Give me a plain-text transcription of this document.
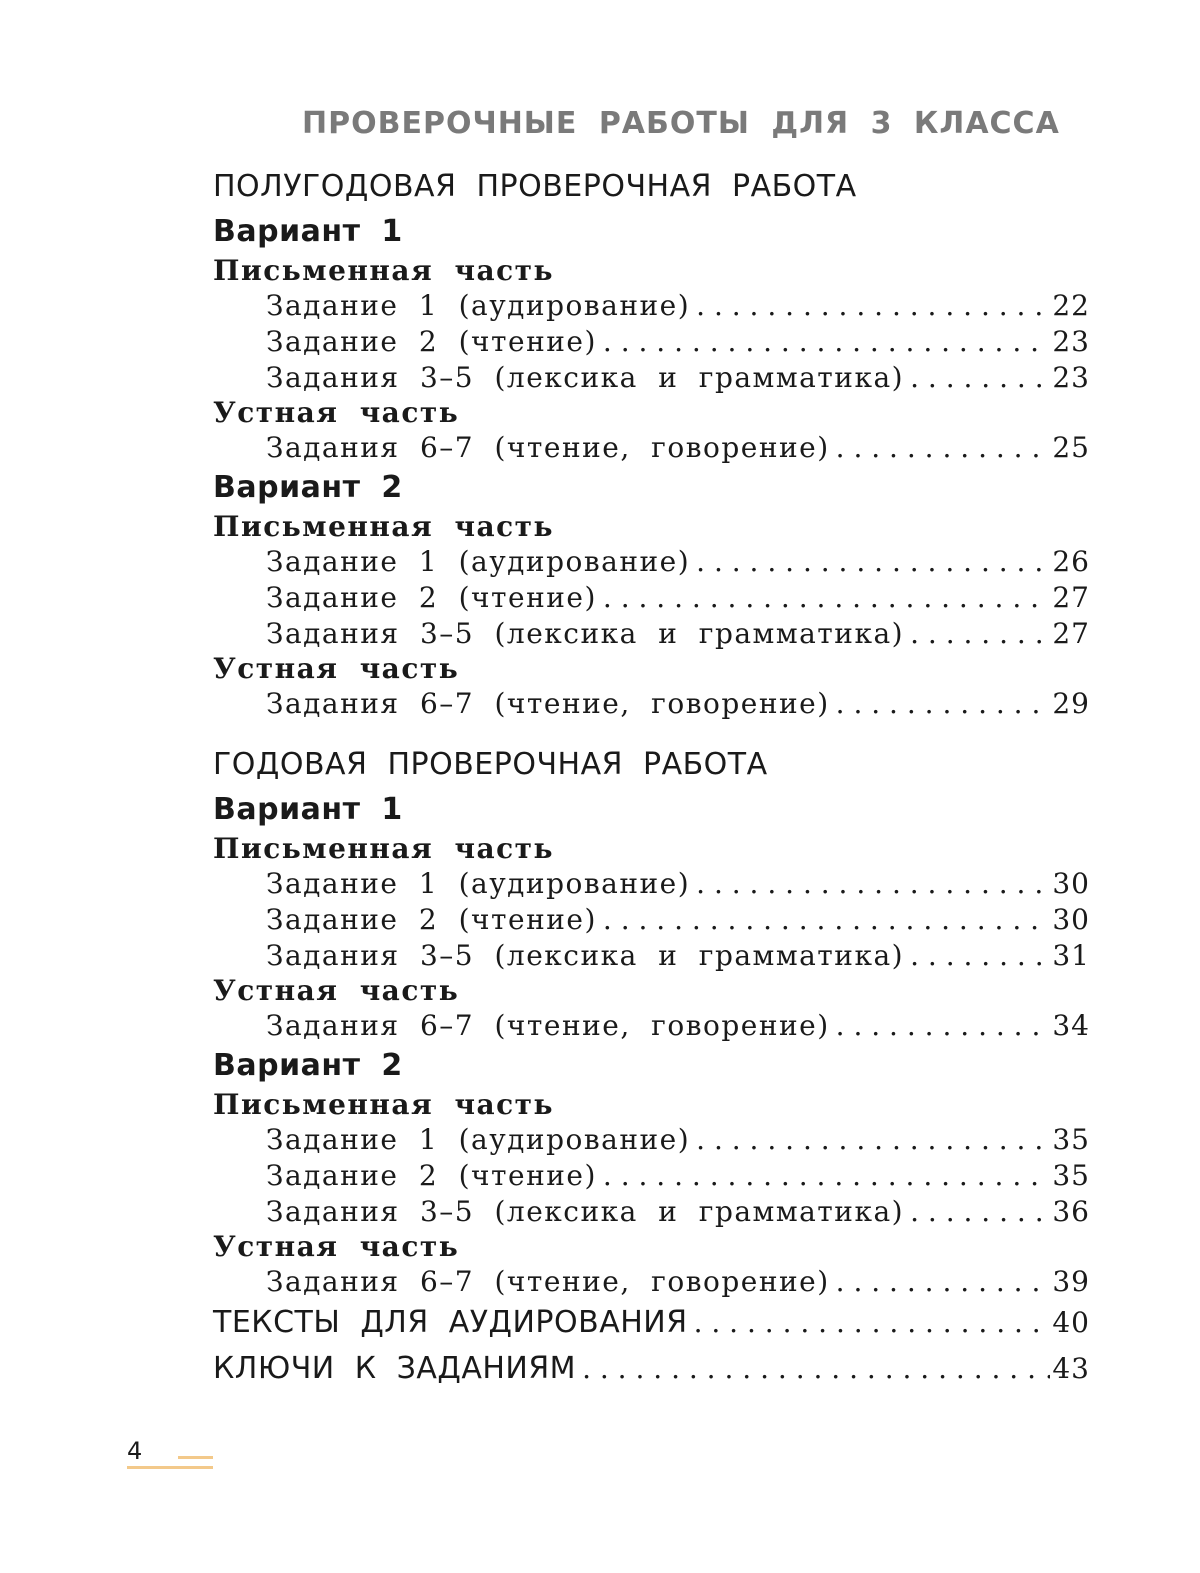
ПРОВЕРОЧНЫЕ РАБОТЫ ДЛЯ 3 КЛАССА
ПОЛУГОДОВАЯ ПРОВЕРОЧНАЯ РАБОТА
Вариант 1
Письменная часть
Задание 1 (аудирование) . . .	22
Задание 2 (чтение) . . .	23
Задания 3–5 (лексика и грамматика) . . .	23
Устная часть
Задания 6–7 (чтение, говорение) . . .	25
Вариант 2
Письменная часть
Задание 1 (аудирование) . . .	26
Задание 2 (чтение) . . .	27
Задания 3–5 (лексика и грамматика) . . .	27
Устная часть
Задания 6–7 (чтение, говорение) . . .	29
ГОДОВАЯ ПРОВЕРОЧНАЯ РАБОТА
Вариант 1
Письменная часть
Задание 1 (аудирование) . . .	30
Задание 2 (чтение) . . .	30
Задания 3–5 (лексика и грамматика) . . .	31
Устная часть
Задания 6–7 (чтение, говорение) . . .	34
Вариант 2
Письменная часть
Задание 1 (аудирование) . . .	35
Задание 2 (чтение) . . .	35
Задания 3–5 (лексика и грамматика) . . .	36
Устная часть
Задания 6–7 (чтение, говорение) . . .	39
ТЕКСТЫ ДЛЯ АУДИРОВАНИЯ . . .	40
КЛЮЧИ К ЗАДАНИЯМ . . .	43
4
